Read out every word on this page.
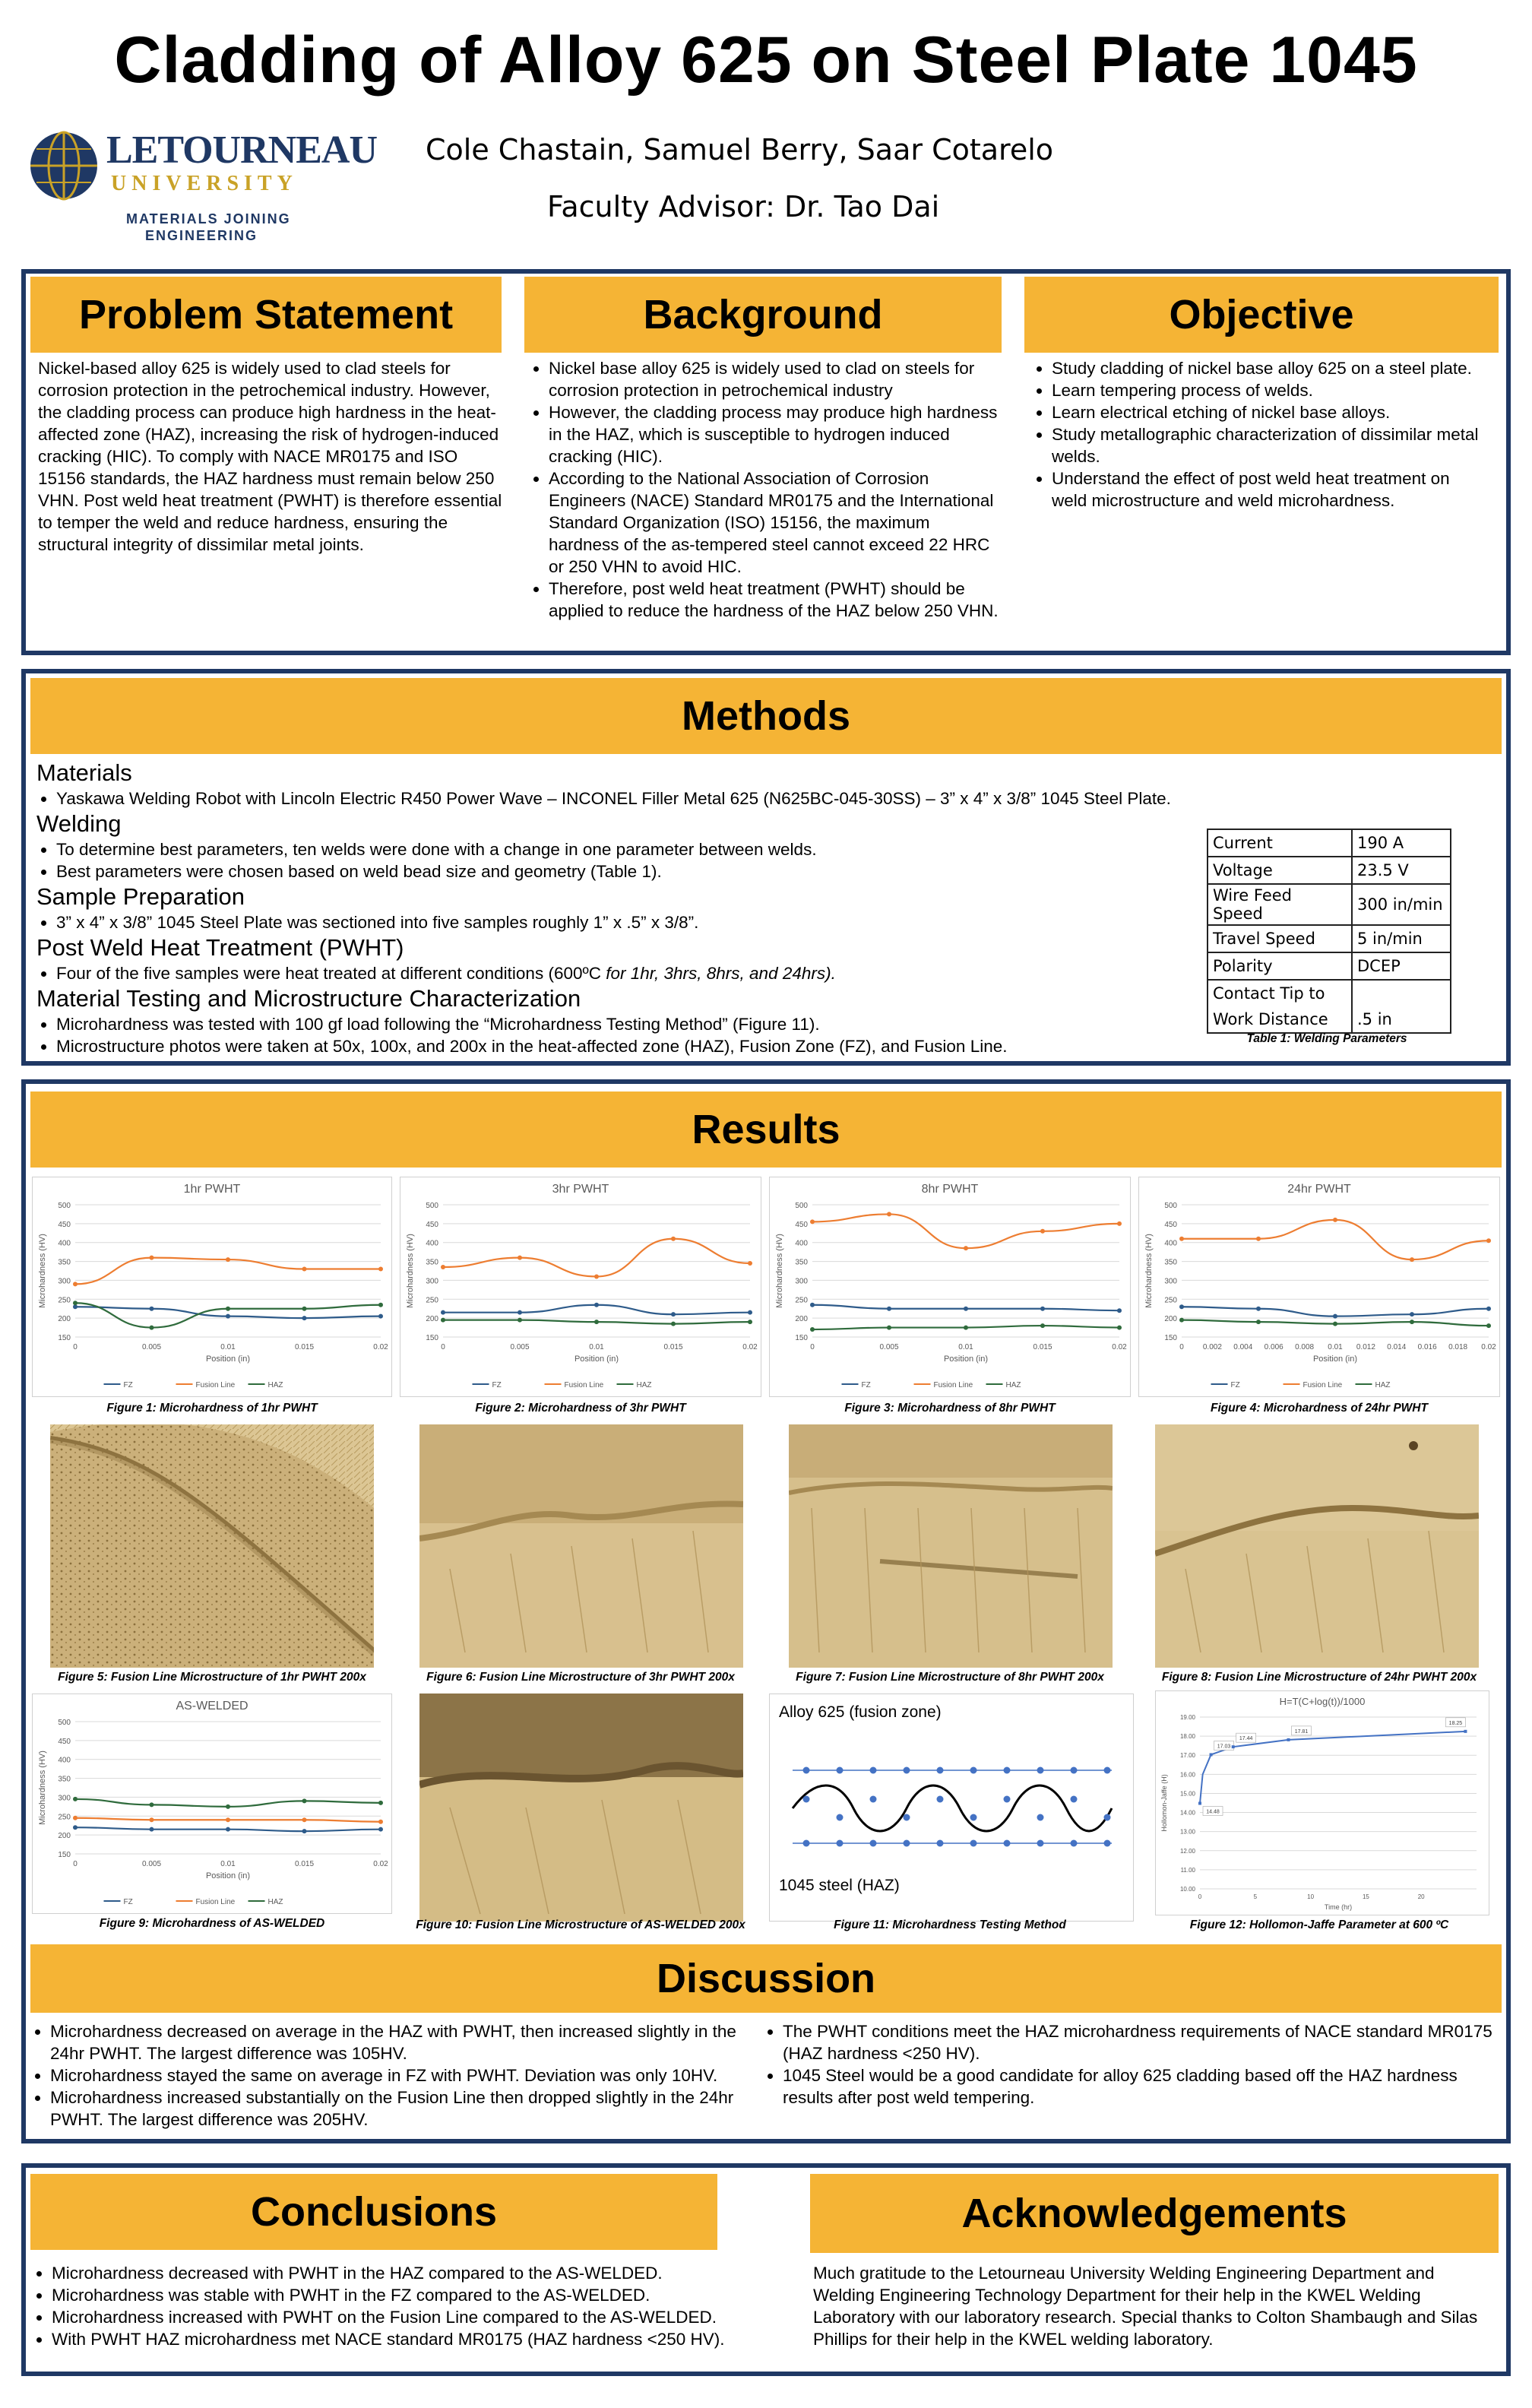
Cladding of Alloy 625 on Steel Plate 1045
LETOURNEAU
UNIVERSITY
MATERIALS JOINING
ENGINEERING
Cole Chastain, Samuel Berry, Saar Cotarelo
Faculty Advisor: Dr. Tao Dai
Problem Statement	Background	Objective
Nickel-based alloy 625 is widely used to clad steels for corrosion protection in the petrochemical industry. However, the cladding process can produce high hardness in the heat-affected zone (HAZ), increasing the risk of hydrogen-induced cracking (HIC). To comply with NACE MR0175 and ISO 15156 standards, the HAZ hardness must remain below 250 VHN. Post weld heat treatment (PWHT) is therefore essential to temper the weld and reduce hardness, ensuring the structural integrity of dissimilar metal joints.
• Nickel base alloy 625 is widely used to clad on steels for corrosion protection in petrochemical industry
• However, the cladding process may produce high hardness in the HAZ, which is susceptible to hydrogen induced cracking (HIC).
• According to the National Association of Corrosion Engineers (NACE) Standard MR0175 and the International Standard Organization (ISO) 15156, the maximum hardness of the as-tempered steel cannot exceed 22 HRC or 250 VHN to avoid HIC.
• Therefore, post weld heat treatment (PWHT) should be applied to reduce the hardness of the HAZ below 250 VHN.
• Study cladding of nickel base alloy 625 on a steel plate.
• Learn tempering process of welds.
• Learn electrical etching of nickel base alloys.
• Study metallographic characterization of dissimilar metal welds.
• Understand the effect of post weld heat treatment on weld microstructure and weld microhardness.
Methods
Materials
• Yaskawa Welding Robot with Lincoln Electric R450 Power Wave – INCONEL Filler Metal 625 (N625BC-045-30SS) – 3” x 4” x 3/8” 1045 Steel Plate.
Welding
• To determine best parameters, ten welds were done with a change in one parameter between welds.
• Best parameters were chosen based on weld bead size and geometry (Table 1).
Sample Preparation
• 3” x 4” x 3/8” 1045 Steel Plate was sectioned into five samples roughly 1” x .5” x 3/8”.
Post Weld Heat Treatment (PWHT)
• Four of the five samples were heat treated at different conditions (600ºC for 1hr, 3hrs, 8hrs, and 24hrs).
Material Testing and Microstructure Characterization
• Microhardness was tested with 100 gf load following the “Microhardness Testing Method” (Figure 11).
• Microstructure photos were taken at 50x, 100x, and 200x in the heat-affected zone (HAZ), Fusion Zone (FZ), and Fusion Line.
Current	190 A
Voltage	23.5 V
Wire Feed Speed	300 in/min
Travel Speed	5 in/min
Polarity	DCEP
Contact Tip to	
Work Distance	.5 in
Table 1: Welding Parameters
Results
1hr PWHT
150
200
250
300
350
400
450
500
0	0.005	0.01	0.015	0.02
Microhardness (HV)
Position (in)
FZ	Fusion Line	HAZ
3hr PWHT
150
200
250
300
350
400
450
500
0	0.005	0.01	0.015	0.02
Microhardness (HV)
Position (in)
FZ	Fusion Line	HAZ
8hr PWHT
150
200
250
300
350
400
450
500
0	0.005	0.01	0.015	0.02
Microhardness (HV)
Position (in)
FZ	Fusion Line	HAZ
24hr PWHT
150
200
250
300
350
400
450
500
0	0.002 0.004 0.006 0.008 0.01 0.012 0.014 0.016 0.018 0.02
Microhardness (HV)
Position (in)
FZ	Fusion Line	HAZ
Figure 1: Microhardness of 1hr PWHT	Figure 2: Microhardness of 3hr PWHT	Figure 3: Microhardness of 8hr PWHT	Figure 4: Microhardness of 24hr PWHT
Figure 5: Fusion Line Microstructure of 1hr PWHT 200x	Figure 6: Fusion Line Microstructure of 3hr PWHT 200x	Figure 7: Fusion Line Microstructure of 8hr PWHT 200x	Figure 8: Fusion Line Microstructure of 24hr PWHT 200x
AS-WELDED
150
200
250
300
350
400
450
500
0	0.005	0.01	0.015	0.02
Microhardness (HV)
Position (in)
FZ	Fusion Line	HAZ
Alloy 625 (fusion zone)
1045 steel (HAZ)
H=T(C+log(t))/1000
10.00
11.00
12.00
13.00
14.00
15.00
16.00
17.00
18.00
19.00
0	5	10	15	20
Hollomon-Jaffe (H)
Time (hr)
14.48
17.03
17.44
17.81
18.25
Figure 9: Microhardness of AS-WELDED	Figure 10: Fusion Line Microstructure of AS-WELDED 200x	Figure 11: Microhardness Testing Method	Figure 12: Hollomon-Jaffe Parameter at 600 ºC
Discussion
• Microhardness decreased on average in the HAZ with PWHT, then increased slightly in the 24hr PWHT. The largest difference was 105HV.
• Microhardness stayed the same on average in FZ with PWHT. Deviation was only 10HV.
• Microhardness increased substantially on the Fusion Line then dropped slightly in the 24hr PWHT. The largest difference was 205HV.
• The PWHT conditions meet the HAZ microhardness requirements of NACE standard MR0175 (HAZ hardness <250 HV).
• 1045 Steel would be a good candidate for alloy 625 cladding based off the HAZ hardness results after post weld tempering.
Conclusions	Acknowledgements
• Microhardness decreased with PWHT in the HAZ compared to the AS-WELDED.
• Microhardness was stable with PWHT in the FZ compared to the AS-WELDED.
• Microhardness increased with PWHT on the Fusion Line compared to the AS-WELDED.
• With PWHT HAZ microhardness met NACE standard MR0175 (HAZ hardness <250 HV).
Much gratitude to the Letourneau University Welding Engineering Department and Welding Engineering Technology Department for their help in the KWEL Welding Laboratory with our laboratory research. Special thanks to Colton Shambaugh and Silas Phillips for their help in the KWEL welding laboratory.
